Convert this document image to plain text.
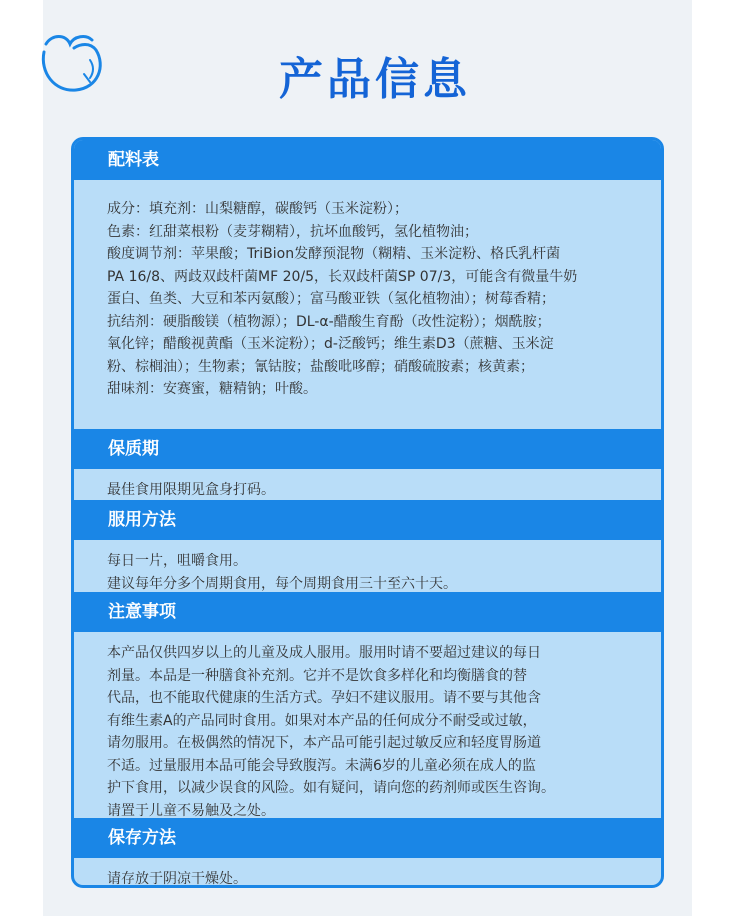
产品信息
配料表

成分：填充剂：山梨糖醇，碳酸钙（玉米淀粉）；

色素：红甜菜根粉（麦芽糊精），抗坏血酸钙，氢化植物油；

酸度调节剂：苹果酸；TriBion发酵预混物（糊精、玉米淀粉、格氏乳杆菌

PA 16/8、两歧双歧杆菌MF 20/5，长双歧杆菌SP 07/3，可能含有微量牛奶

蛋白、鱼类、大豆和苯丙氨酸）；富马酸亚铁（氢化植物油）；树莓香精；

抗结剂：硬脂酸镁（植物源）；DL-α-醋酸生育酚（改性淀粉）；烟酰胺；

氧化锌；醋酸视黄酯（玉米淀粉）；d-泛酸钙；维生素D3（蔗糖、玉米淀

粉、棕榈油）；生物素；氰钴胺；盐酸吡哆醇；硝酸硫胺素；核黄素；

甜味剂：安赛蜜，糖精钠；叶酸。

保质期

最佳食用限期见盒身打码。

服用方法

每日一片，咀嚼食用。

建议每年分多个周期食用，每个周期食用三十至六十天。

注意事项

本产品仅供四岁以上的儿童及成人服用。服用时请不要超过建议的每日

剂量。本品是一种膳食补充剂。它并不是饮食多样化和均衡膳食的替

代品，也不能取代健康的生活方式。孕妇不建议服用。请不要与其他含

有维生素A的产品同时食用。如果对本产品的任何成分不耐受或过敏，

请勿服用。在极偶然的情况下，本产品可能引起过敏反应和轻度胃肠道

不适。过量服用本品可能会导致腹泻。未满6岁的儿童必须在成人的监

护下食用，以减少误食的风险。如有疑问，请向您的药剂师或医生咨询。

请置于儿童不易触及之处。

保存方法

请存放于阴凉干燥处。
